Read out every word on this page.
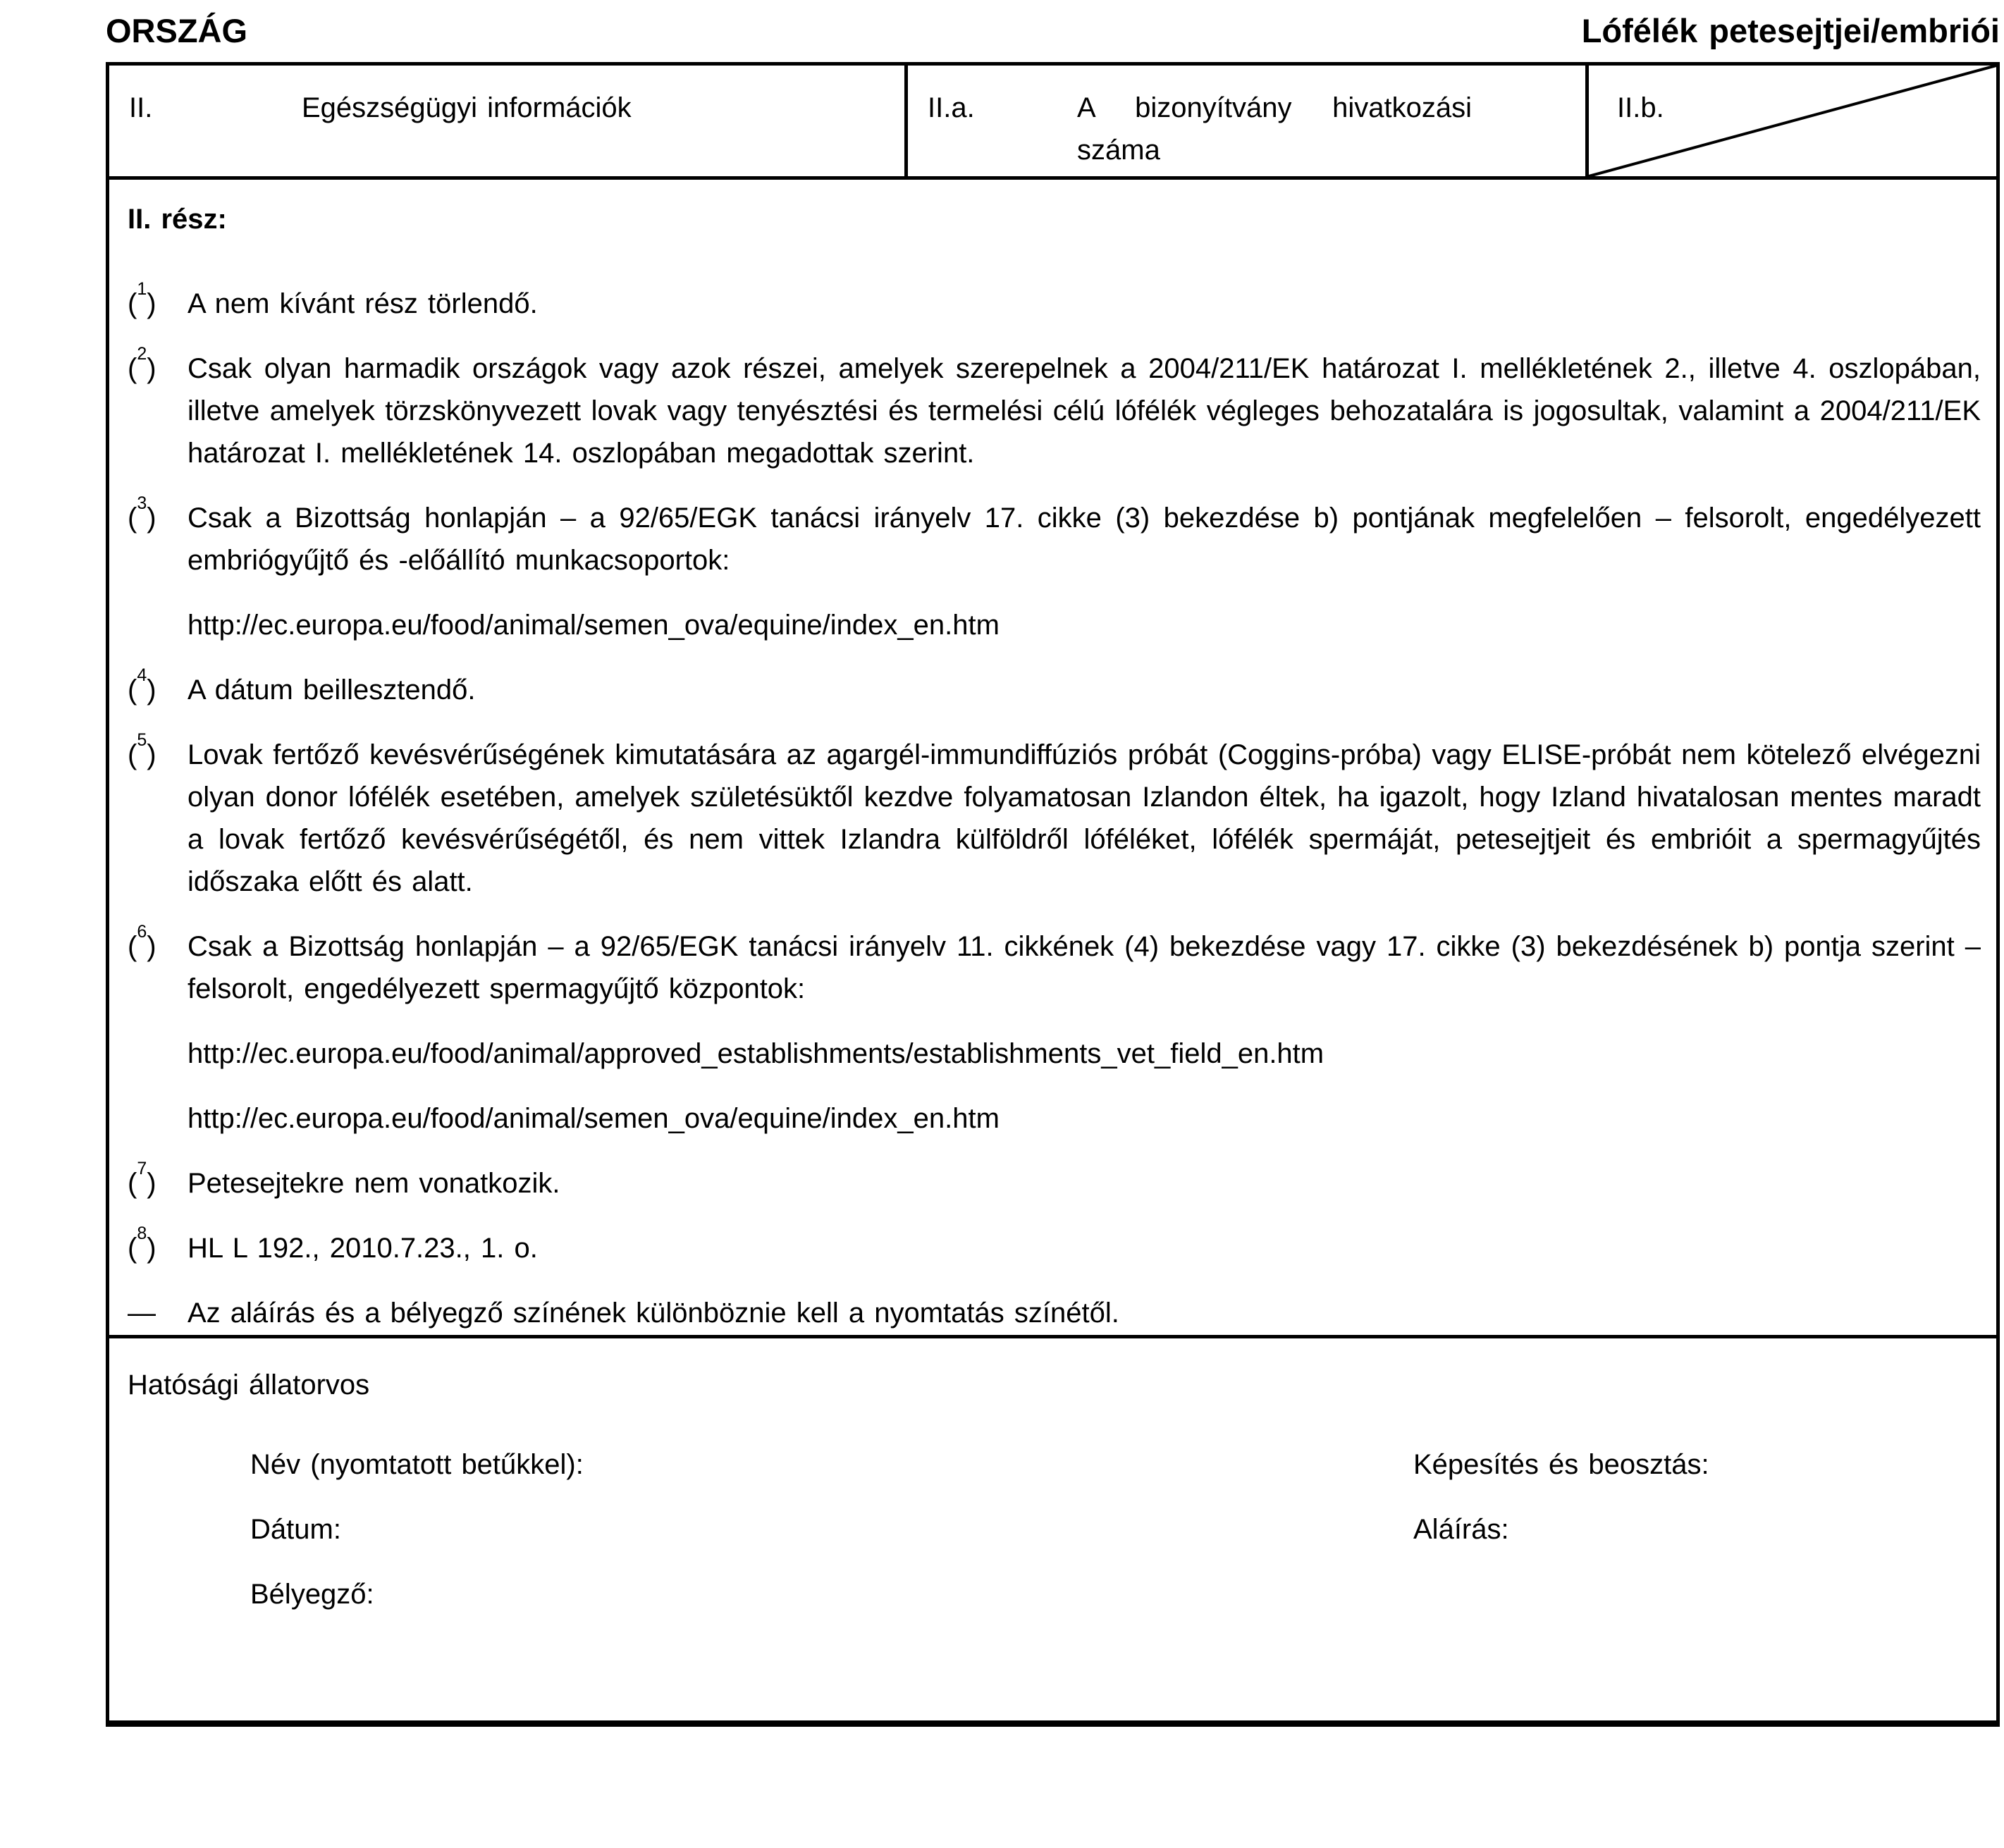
ORSZÁG	Lófélék petesejtjei/embriói
II.	Egészségügyi információk	II.a.	A bizonyítvány hivatkozási száma
II.b.

II. rész:

($^1$)	A nem kívánt rész törlendő.
($^2$)	Csak olyan harmadik országok vagy azok részei, amelyek szerepelnek a 2004/211/EK határozat I. mellékletének 2., illetve 4. oszlopában, illetve amelyek törzskönyvezett lovak vagy tenyésztési és termelési célú lófélék végleges behozatalára is jogosultak, valamint a 2004/211/EK határozat I. mellékletének 14. oszlopában megadottak szerint.
($^3$)	Csak a Bizottság honlapján – a 92/65/EGK tanácsi irányelv 17. cikke (3) bekezdése b) pontjának megfelelően – felsorolt, engedélyezett embriógyűjtő és -előállító munkacsoportok:
http://ec.europa.eu/food/animal/semen_ova/equine/index_en.htm
($^4$)	A dátum beillesztendő.
($^5$)	Lovak fertőző kevésvérűségének kimutatására az agargél-immundiffúziós próbát (Coggins-próba) vagy ELISE-próbát nem kötelező elvégezni olyan donor lófélék esetében, amelyek születésüktől kezdve folyamatosan Izlandon éltek, ha igazolt, hogy Izland hivatalosan mentes maradt a lovak fertőző kevésvérűségétől, és nem vittek Izlandra külföldről lóféléket, lófélék spermáját, petesejtjeit és embrióit a spermagyűjtés időszaka előtt és alatt.
($^6$)	Csak a Bizottság honlapján – a 92/65/EGK tanácsi irányelv 11. cikkének (4) bekezdése vagy 17. cikke (3) bekezdésének b) pontja szerint – felsorolt, engedélyezett spermagyűjtő központok:
http://ec.europa.eu/food/animal/approved_establishments/establishments_vet_field_en.htm
http://ec.europa.eu/food/animal/semen_ova/equine/index_en.htm
($^7$)	Petesejtekre nem vonatkozik.
($^8$)	HL L 192., 2010.7.23., 1. o.
—	Az aláírás és a bélyegző színének különböznie kell a nyomtatás színétől.

Hatósági állatorvos

Név (nyomtatott betűkkel):	Képesítés és beosztás:
Dátum:	Aláírás:
Bélyegző:
